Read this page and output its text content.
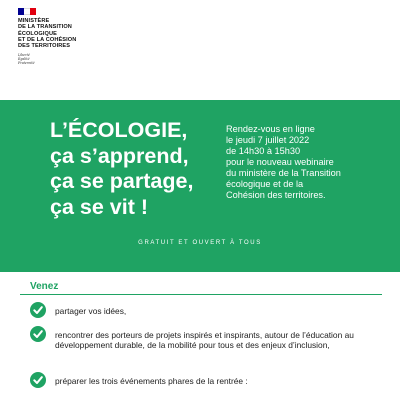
MINISTÈRE
DE LA TRANSITION
ÉCOLOGIQUE
ET DE LA COHÉSION
DES TERRITOIRES
Liberté
Égalité
Fraternité
L’ÉCOLOGIE,
ça s’apprend,
ça se partage,
ça se vit !
Rendez-vous en ligne
le jeudi 7 juillet 2022
de 14h30 à 15h30
pour le nouveau webinaire
du ministère de la Transition
écologique et de la
Cohésion des territoires.
GRATUIT ET OUVERT À TOUS
Venez
partager vos idées,
rencontrer des porteurs de projets inspirés et inspirants, autour de l’éducation au développement durable, de la mobilité pour tous et des enjeux d’inclusion,
préparer les trois événements phares de la rentrée :
